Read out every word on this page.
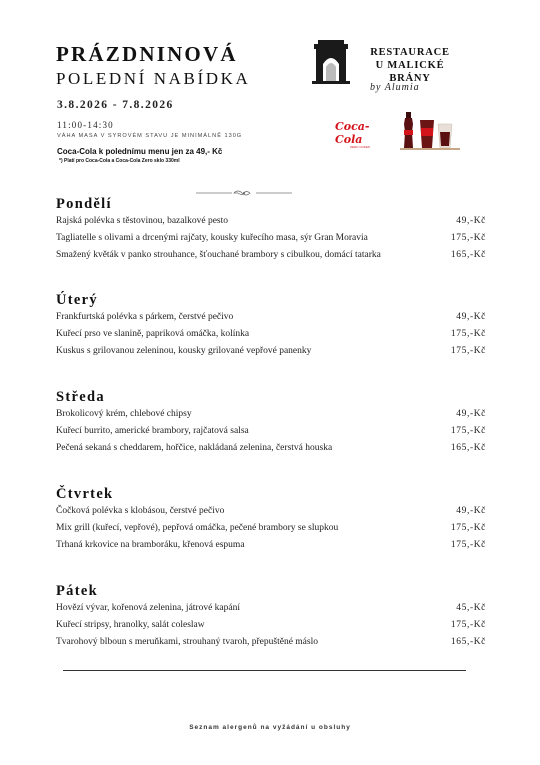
PRÁZDNINOVÁ
POLEDNÍ NABÍDKA
3.8.2026 - 7.8.2026
11:00-14:30
VÁHA MASA V SYROVÉM STAVU JE MINIMÁLNĚ 130G
Coca-Cola k polednímu menu jen za 49,- Kč
*) Platí pro Coca-Cola a Coca-Cola Zero sklo 330ml
RESTAURACE
U MALICKÉ BRÁNY
by Alumia
Coca-Cola
ZERO COKES
Pondělí
Rajská polévka s těstovinou, bazalkové pesto	49,-Kč
Tagliatelle s olivami a drcenými rajčaty, kousky kuřecího masa, sýr Gran Moravia	175,-Kč
Smažený květák v panko strouhance, šťouchané brambory s cibulkou, domácí tatarka	165,-Kč
Úterý
Frankfurtská polévka s párkem, čerstvé pečivo	49,-Kč
Kuřecí prso ve slanině, papriková omáčka, kolínka	175,-Kč
Kuskus s grilovanou zeleninou, kousky grilované vepřové panenky	175,-Kč
Středa
Brokolicový krém, chlebové chipsy	49,-Kč
Kuřecí burrito, americké brambory, rajčatová salsa	175,-Kč
Pečená sekaná s cheddarem, hořčice, nakládaná zelenina, čerstvá houska	165,-Kč
Čtvrtek
Čočková polévka s klobásou, čerstvé pečivo	49,-Kč
Mix grill (kuřecí, vepřové), pepřová omáčka, pečené brambory se slupkou	175,-Kč
Trhaná krkovice na bramboráku, křenová espuma	175,-Kč
Pátek
Hovězí vývar, kořenová zelenina, játrové kapání	45,-Kč
Kuřecí stripsy, hranolky, salát coleslaw	175,-Kč
Tvarohový blboun s meruňkami, strouhaný tvaroh, přepuštěné máslo	165,-Kč
Seznam alergenů na vyžádání u obsluhy
